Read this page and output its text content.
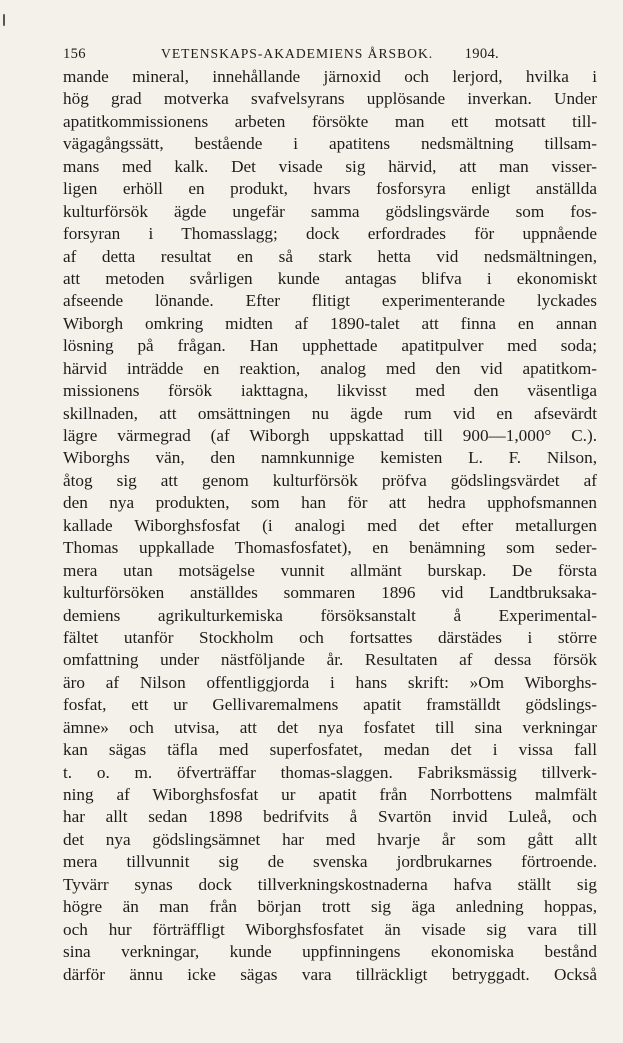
156	VETENSKAPS-AKADEMIENS ÅRSBOK. 1904.
mande mineral, innehållande järnoxid och lerjord, hvilka i
hög grad motverka svafvelsyrans upplösande inverkan. Under
apatitkommissionens arbeten försökte man ett motsatt till-
vägagångssätt, bestående i apatitens nedsmältning tillsam-
mans med kalk. Det visade sig härvid, att man visser-
ligen erhöll en produkt, hvars fosforsyra enligt anställda
kulturförsök ägde ungefär samma gödslingsvärde som fos-
forsyran i Thomasslagg; dock erfordrades för uppnående
af detta resultat en så stark hetta vid nedsmältningen,
att metoden svårligen kunde antagas blifva i ekonomiskt
afseende lönande. Efter flitigt experimenterande lyckades
Wiborgh omkring midten af 1890-talet att finna en annan
lösning på frågan. Han upphettade apatitpulver med soda;
härvid inträdde en reaktion, analog med den vid apatitkom-
missionens försök iakttagna, likvisst med den väsentliga
skillnaden, att omsättningen nu ägde rum vid en afsevärdt
lägre värmegrad (af Wiborgh uppskattad till 900—1,000° C.).
Wiborghs vän, den namnkunnige kemisten L. F. Nilson,
åtog sig att genom kulturförsök pröfva gödslingsvärdet af
den nya produkten, som han för att hedra upphofsmannen
kallade Wiborghsfosfat (i analogi med det efter metallurgen
Thomas uppkallade Thomasfosfatet), en benämning som seder-
mera utan motsägelse vunnit allmänt burskap. De första
kulturförsöken anställdes sommaren 1896 vid Landtbruksaka-
demiens agrikulturkemiska försöksanstalt å Experimental-
fältet utanför Stockholm och fortsattes därstädes i större
omfattning under nästföljande år. Resultaten af dessa försök
äro af Nilson offentliggjorda i hans skrift: »Om Wiborghs-
fosfat, ett ur Gellivaremalmens apatit framställdt gödslings-
ämne» och utvisa, att det nya fosfatet till sina verkningar
kan sägas täfla med superfosfatet, medan det i vissa fall
t. o. m. öfverträffar thomas-slaggen. Fabriksmässig tillverk-
ning af Wiborghsfosfat ur apatit från Norrbottens malmfält
har allt sedan 1898 bedrifvits å Svartön invid Luleå, och
det nya gödslingsämnet har med hvarje år som gått allt
mera tillvunnit sig de svenska jordbrukarnes förtroende.
Tyvärr synas dock tillverkningskostnaderna hafva ställt sig
högre än man från början trott sig äga anledning hoppas,
och hur förträffligt Wiborghsfosfatet än visade sig vara till
sina verkningar, kunde uppfinningens ekonomiska bestånd
därför ännu icke sägas vara tillräckligt betryggadt. Också
